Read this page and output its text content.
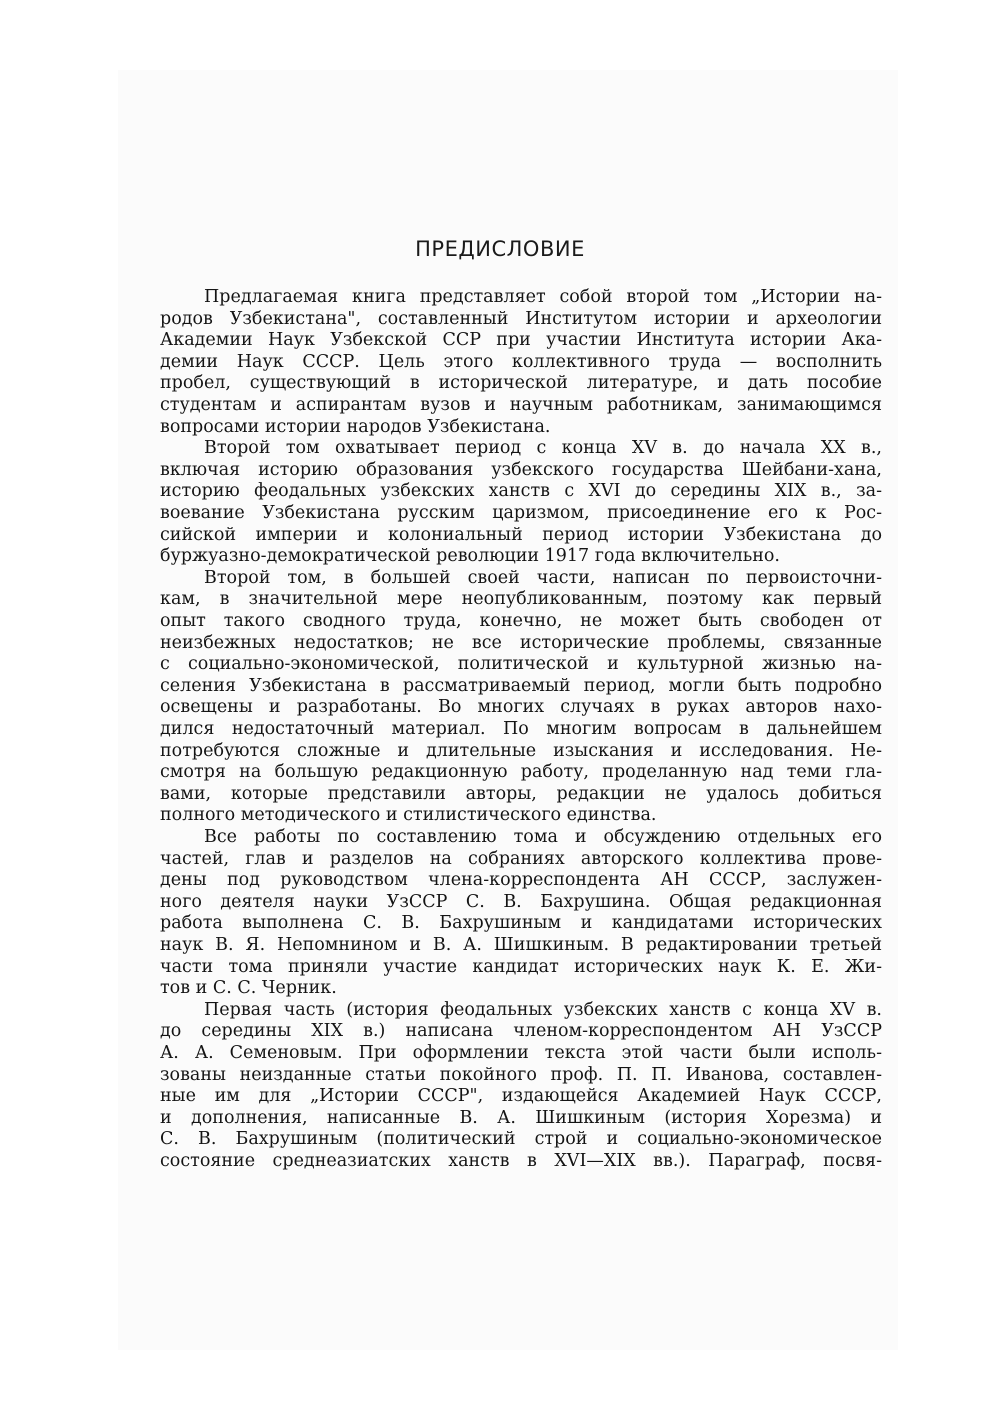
ПРЕДИСЛОВИЕ
Предлагаемая книга представляет собой второй том „Истории на-
родов Узбекистана", составленный Институтом истории и археологии
Академии Наук Узбекской ССР при участии Института истории Ака-
демии Наук СССР. Цель этого коллективного труда — восполнить
пробел, существующий в исторической литературе, и дать пособие
студентам и аспирантам вузов и научным работникам, занимающимся
вопросами истории народов Узбекистана.
Второй том охватывает период с конца XV в. до начала XX в.,
включая историю образования узбекского государства Шейбани-хана,
историю феодальных узбекских ханств с XVI до середины XIX в., за-
воевание Узбекистана русским царизмом, присоединение его к Рос-
сийской империи и колониальный период истории Узбекистана до
буржуазно-демократической революции 1917 года включительно.
Второй том, в большей своей части, написан по первоисточни-
кам, в значительной мере неопубликованным, поэтому как первый
опыт такого сводного труда, конечно, не может быть свободен от
неизбежных недостатков; не все исторические проблемы, связанные
с социально-экономической, политической и культурной жизнью на-
селения Узбекистана в рассматриваемый период, могли быть подробно
освещены и разработаны. Во многих случаях в руках авторов нахо-
дился недостаточный материал. По многим вопросам в дальнейшем
потребуются сложные и длительные изыскания и исследования. Не-
смотря на большую редакционную работу, проделанную над теми гла-
вами, которые представили авторы, редакции не удалось добиться
полного методического и стилистического единства.
Все работы по составлению тома и обсуждению отдельных его
частей, глав и разделов на собраниях авторского коллектива прове-
дены под руководством члена-корреспондента АН СССР, заслужен-
ного деятеля науки УзССР С. В. Бахрушина. Общая редакционная
работа выполнена С. В. Бахрушиным и кандидатами исторических
наук В. Я. Непомнином и В. А. Шишкиным. В редактировании третьей
части тома приняли участие кандидат исторических наук К. Е. Жи-
тов и С. С. Черник.
Первая часть (история феодальных узбекских ханств с конца XV в.
до середины XIX в.) написана членом-корреспондентом АН УзССР
А. А. Семеновым. При оформлении текста этой части были исполь-
зованы неизданные статьи покойного проф. П. П. Иванова, составлен-
ные им для „Истории СССР", издающейся Академией Наук СССР,
и дополнения, написанные В. А. Шишкиным (история Хорезма) и
С. В. Бахрушиным (политический строй и социально-экономическое
состояние среднеазиатских ханств в XVI—XIX вв.). Параграф, посвя-
